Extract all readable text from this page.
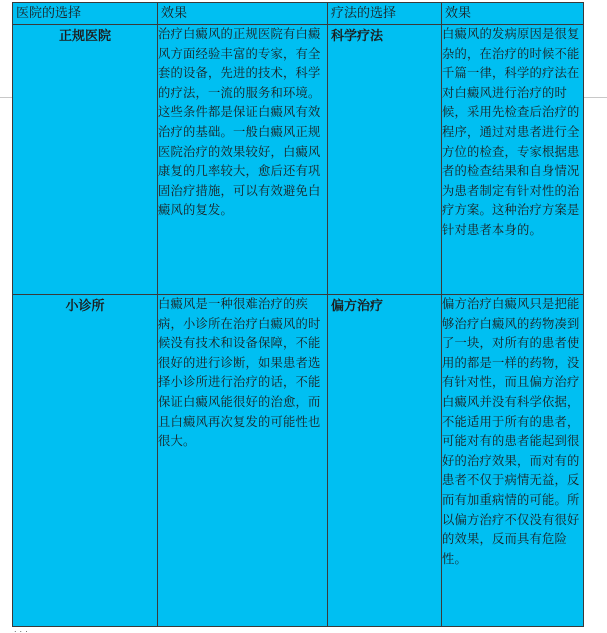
医院的选择	效果	疗法的选择	效果
正规医院	治疗白癜风的正规医院有白癜风方面经验丰富的专家，有全套的设备，先进的技术，科学的疗法，一流的服务和环境。这些条件都是保证白癜风有效治疗的基础。一般白癜风正规医院治疗的效果较好，白癜风康复的几率较大，愈后还有巩固治疗措施，可以有效避免白癜风的复发。	科学疗法	白癜风的发病原因是很复杂的，在治疗的时候不能千篇一律，科学的疗法在对白癜风进行治疗的时候，采用先检查后治疗的程序，通过对患者进行全方位的检查，专家根据患者的检查结果和自身情况为患者制定有针对性的治疗方案。这种治疗方案是针对患者本身的。
小诊所	白癜风是一种很难治疗的疾病，小诊所在治疗白癜风的时候没有技术和设备保障，不能很好的进行诊断，如果患者选择小诊所进行治疗的话，不能保证白癜风能很好的治愈，而且白癜风再次复发的可能性也很大。	偏方治疗	偏方治疗白癜风只是把能够治疗白癜风的药物凑到了一块，对所有的患者使用的都是一样的药物，没有针对性，而且偏方治疗白癜风并没有科学依据，不能适用于所有的患者，可能对有的患者能起到很好的治疗效果，而对有的患者不仅于病情无益，反而有加重病情的可能。所以偏方治疗不仅没有很好的效果，反而具有危险性。
...
